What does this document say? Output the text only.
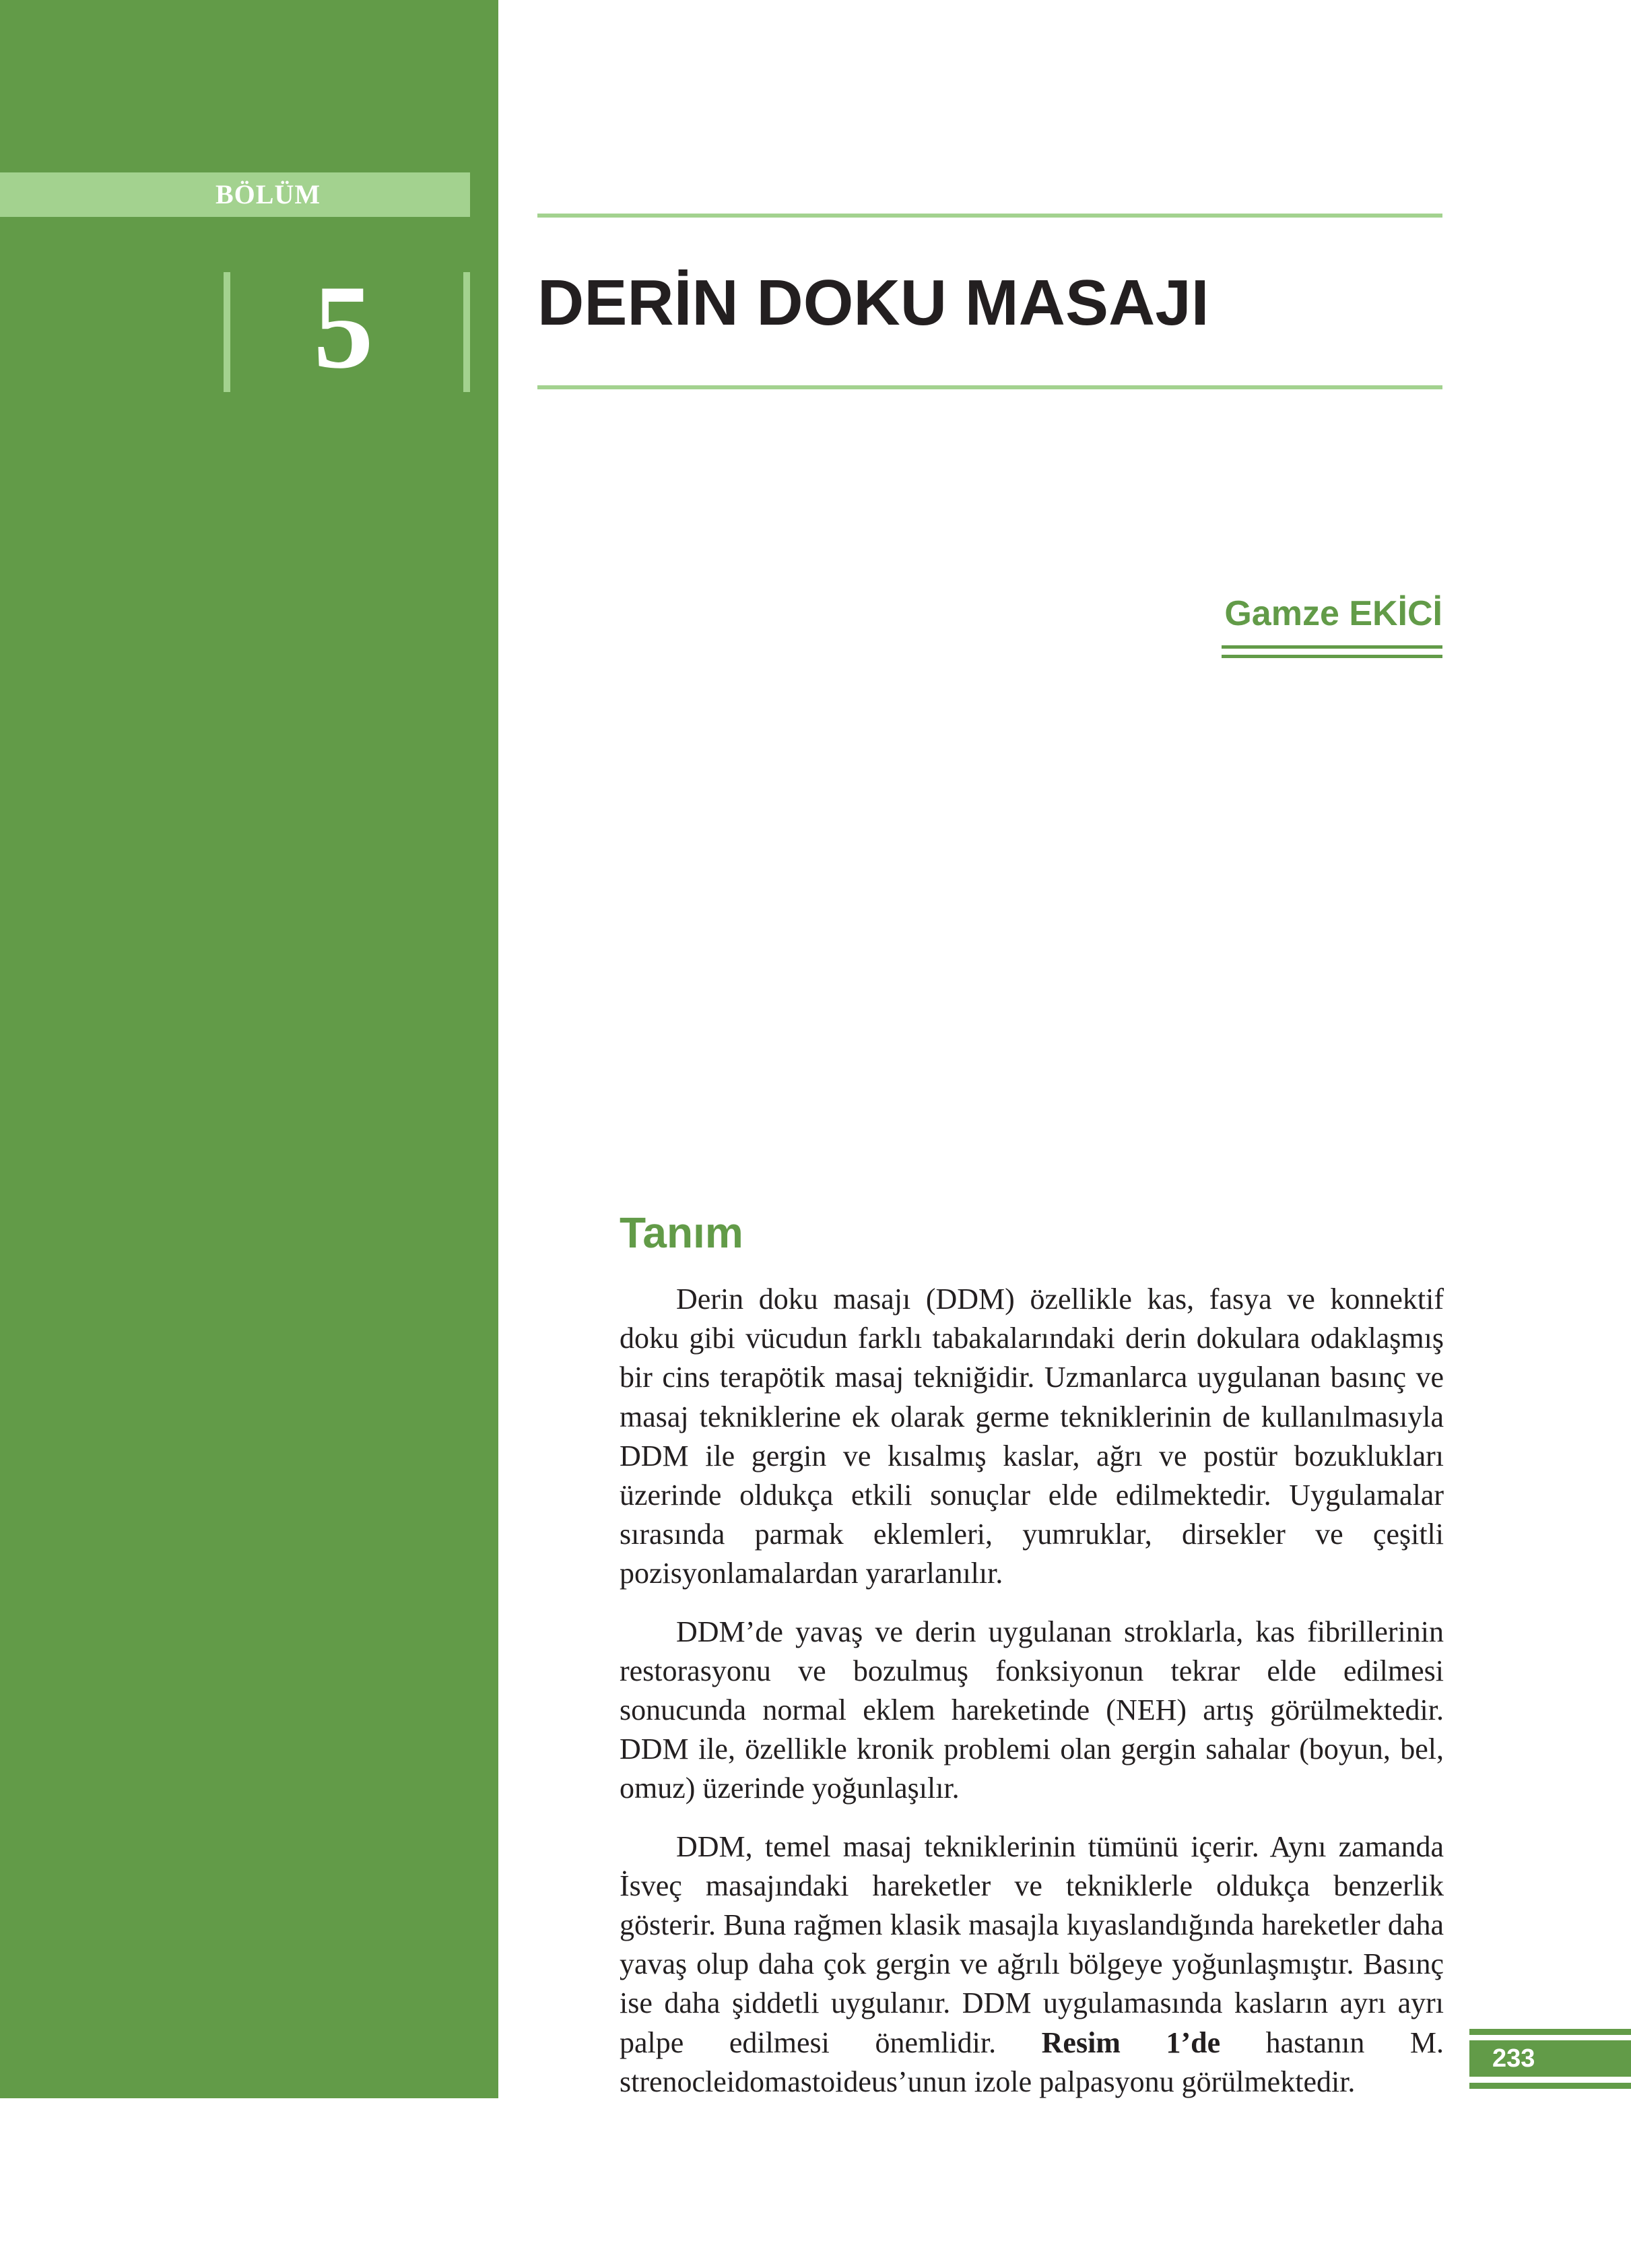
BÖLÜM
5	DERİN DOKU MASAJI
Gamze EKİCİ
Tanım

Derin doku masajı (DDM) özellikle kas, fasya ve konnektif doku gibi vücudun farklı tabakalarındaki derin dokulara odaklaşmış bir cins terapötik masaj tekniğidir. Uzmanlarca uygulanan basınç ve masaj tekniklerine ek olarak germe tekniklerinin de kullanılmasıyla DDM ile gergin ve kısalmış kaslar, ağrı ve postür bozuklukları üzerinde oldukça etkili sonuçlar elde edilmektedir. Uygulamalar sırasında parmak eklemleri, yumruklar, dirsekler ve çeşitli pozisyonlamalardan yararlanılır.

DDM’de yavaş ve derin uygulanan stroklarla, kas fibrillerinin restorasyonu ve bozulmuş fonksiyonun tekrar elde edilmesi sonucunda normal eklem hareketinde (NEH) artış görülmektedir. DDM ile, özellikle kronik problemi olan gergin sahalar (boyun, bel, omuz) üzerinde yoğunlaşılır.

DDM, temel masaj tekniklerinin tümünü içerir. Aynı zamanda İsveç masajındaki hareketler ve tekniklerle oldukça benzerlik gösterir. Buna rağmen klasik masajla kıyaslandığında hareketler daha yavaş olup daha çok gergin ve ağrılı bölgeye yoğunlaşmıştır. Basınç ise daha şiddetli uygulanır. DDM uygulamasında kasların ayrı ayrı palpe edilmesi önemlidir. Resim 1’de hastanın M. strenocleidomastoideus’unun izole palpasyonu görülmektedir.

233
